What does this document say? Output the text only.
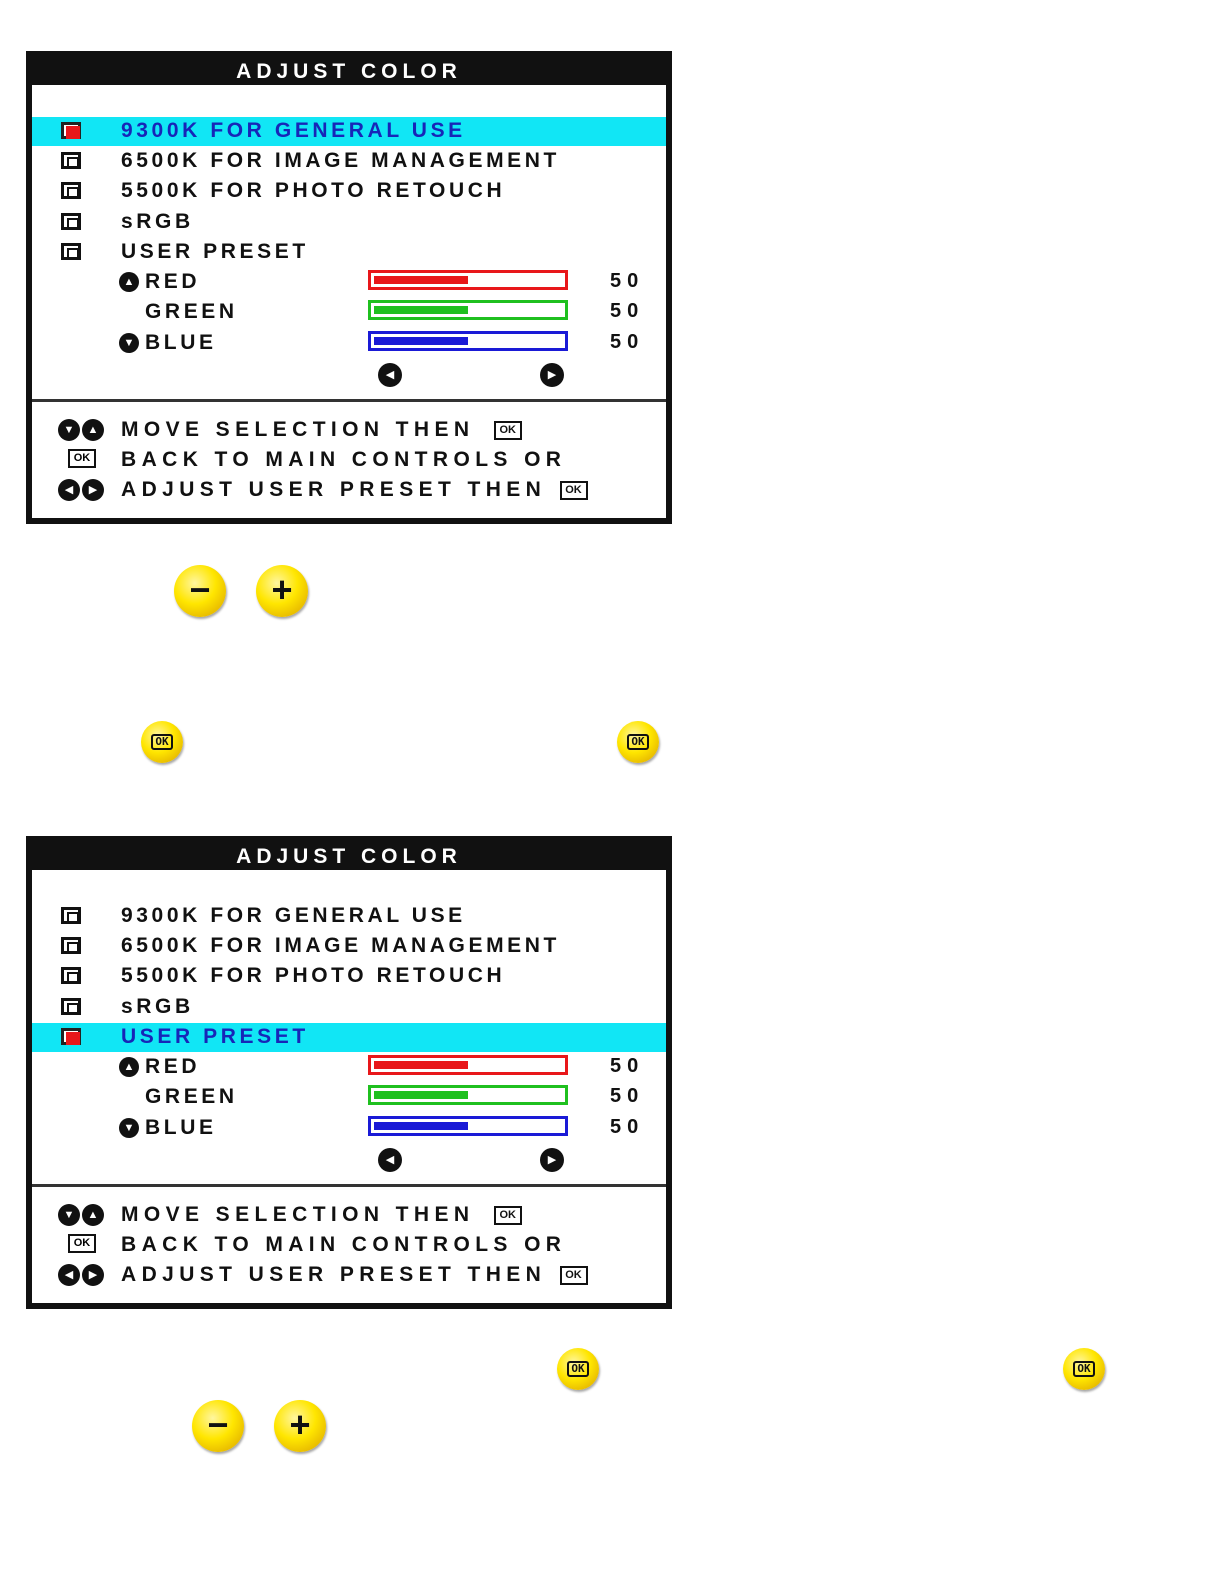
ADJUST COLOR
9300K FOR GENERAL USE
6500K FOR IMAGE MANAGEMENT
5500K FOR PHOTO RETOUCH
sRGB
USER PRESET
▲ RED	50
GREEN	50
▼ BLUE	50
◀	▶
▼	▲ MOVE SELECTION THEN OK
OK BACK TO MAIN CONTROLS OR
◀	▶	ADJUST USER PRESET THEN OK
−	+
OK	OK
ADJUST COLOR
9300K FOR GENERAL USE
6500K FOR IMAGE MANAGEMENT
5500K FOR PHOTO RETOUCH
sRGB
USER PRESET
▲ RED	50
GREEN	50
▼ BLUE	50
◀	▶
▼	▲ MOVE SELECTION THEN OK
OK BACK TO MAIN CONTROLS OR
◀	▶	ADJUST USER PRESET THEN OK
OK	OK
−	+
